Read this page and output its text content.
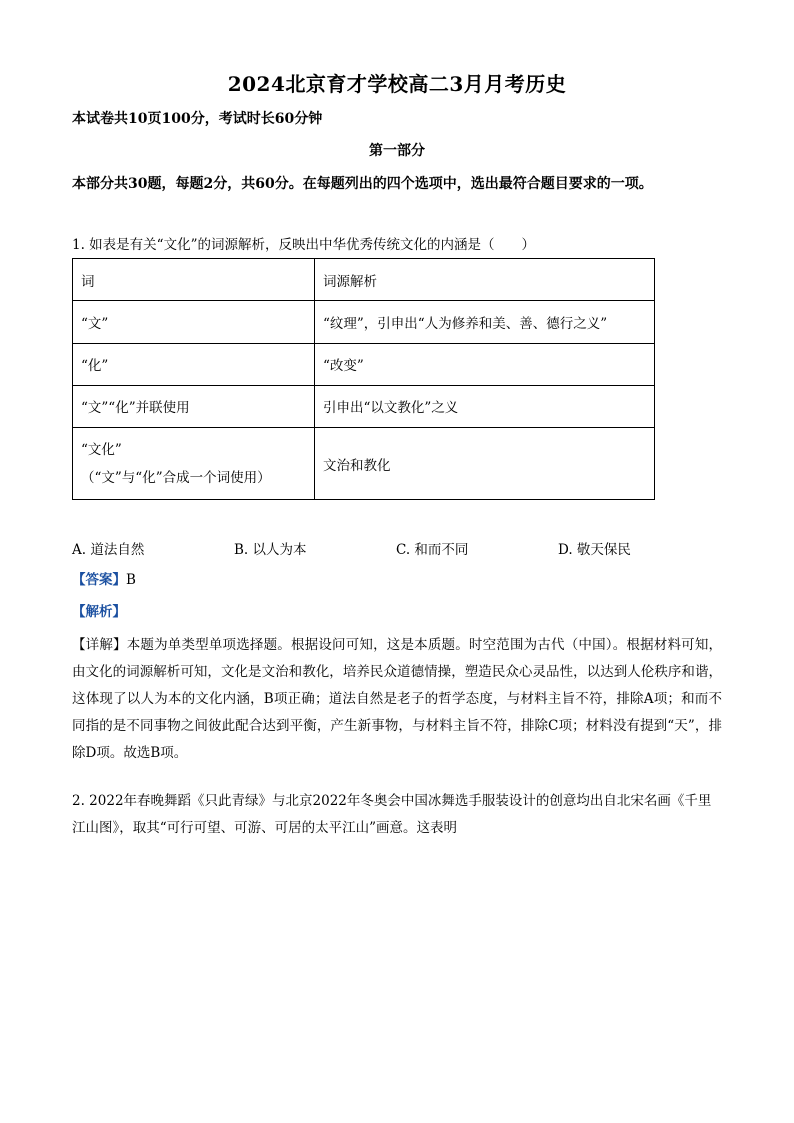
2024北京育才学校高二3月月考历史
本试卷共10页100分，考试时长60分钟
第一部分
本部分共30题，每题2分，共60分。在每题列出的四个选项中，选出最符合题目要求的一项。
1. 如表是有关“文化”的词源解析，反映出中华优秀传统文化的内涵是（　　）
词	词源解析
“文”	“纹理”，引申出“人为修养和美、善、德行之义”
“化”	“改变”
“文”“化”并联使用	引申出“以文教化”之义
“文化”
（“文”与“化”合成一个词使用）	文治和教化
A. 道法自然	B. 以人为本	C. 和而不同	D. 敬天保民
【答案】B
【解析】
【详解】本题为单类型单项选择题。根据设问可知，这是本质题。时空范围为古代（中国）。根据材料可知，由文化的词源解析可知，文化是文治和教化，培养民众道德情操，塑造民众心灵品性，以达到人伦秩序和谐，这体现了以人为本的文化内涵，B项正确；道法自然是老子的哲学态度，与材料主旨不符，排除A项；和而不同指的是不同事物之间彼此配合达到平衡，产生新事物，与材料主旨不符，排除C项；材料没有提到“天”，排除D项。故选B项。
2. 2022年春晚舞蹈《只此青绿》与北京2022年冬奥会中国冰舞选手服装设计的创意均出自北宋名画《千里江山图》，取其“可行可望、可游、可居的太平江山”画意。这表明
